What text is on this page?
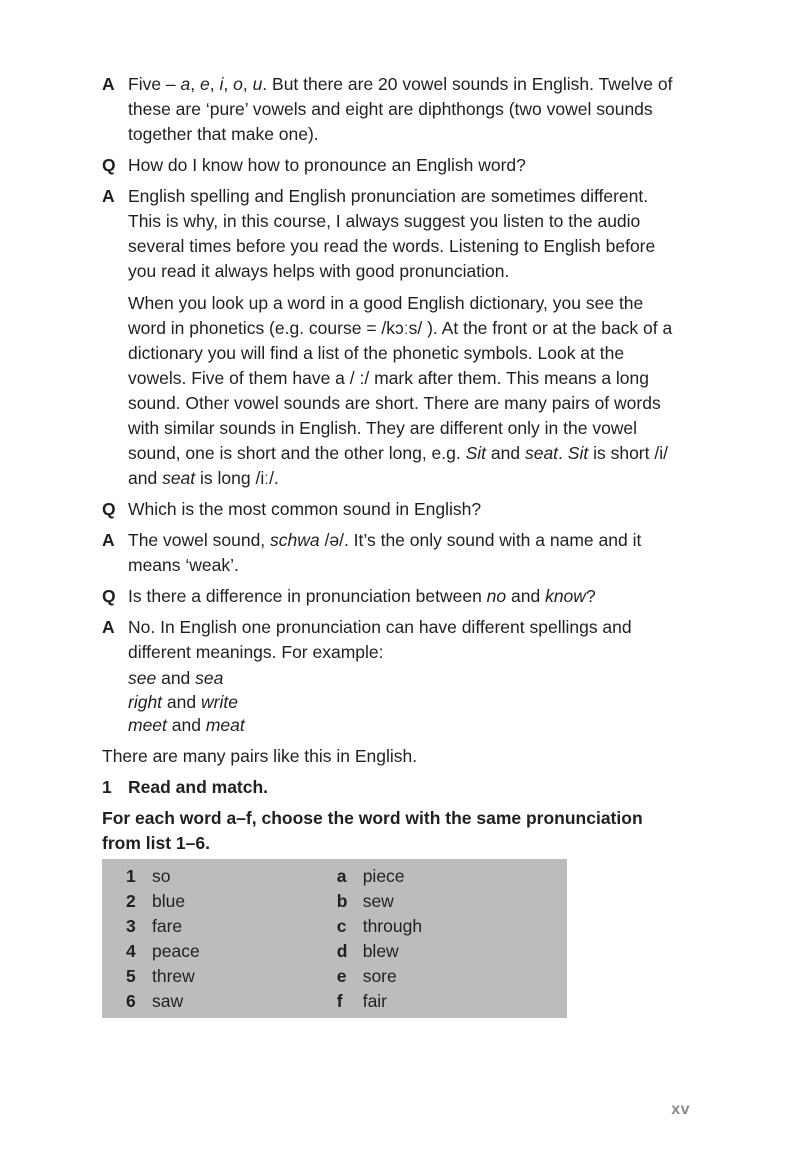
A Five – a, e, i, o, u. But there are 20 vowel sounds in English. Twelve of these are ‘pure’ vowels and eight are diphthongs (two vowel sounds together that make one).

Q How do I know how to pronounce an English word?

A English spelling and English pronunciation are sometimes different. This is why, in this course, I always suggest you listen to the audio several times before you read the words. Listening to English before you read it always helps with good pronunciation.

When you look up a word in a good English dictionary, you see the word in phonetics (e.g. course = /kɔːs/ ). At the front or at the back of a dictionary you will find a list of the phonetic symbols. Look at the vowels. Five of them have a / :/ mark after them. This means a long sound. Other vowel sounds are short. There are many pairs of words with similar sounds in English. They are different only in the vowel sound, one is short and the other long, e.g. Sit and seat. Sit is short /i/ and seat is long /iː/.

Q Which is the most common sound in English?

A The vowel sound, schwa /ə/. It’s the only sound with a name and it means ‘weak’.

Q Is there a difference in pronunciation between no and know?

A No. In English one pronunciation can have different spellings and different meanings. For example:

see and sea
right and write
meet and meat

There are many pairs like this in English.

1 Read and match.

For each word a–f, choose the word with the same pronunciation from list 1–6.

1 so
2 blue
3 fare
4 peace
5 threw
6 saw
a piece
b sew
c through
d blew
e sore
f	fair
xv
